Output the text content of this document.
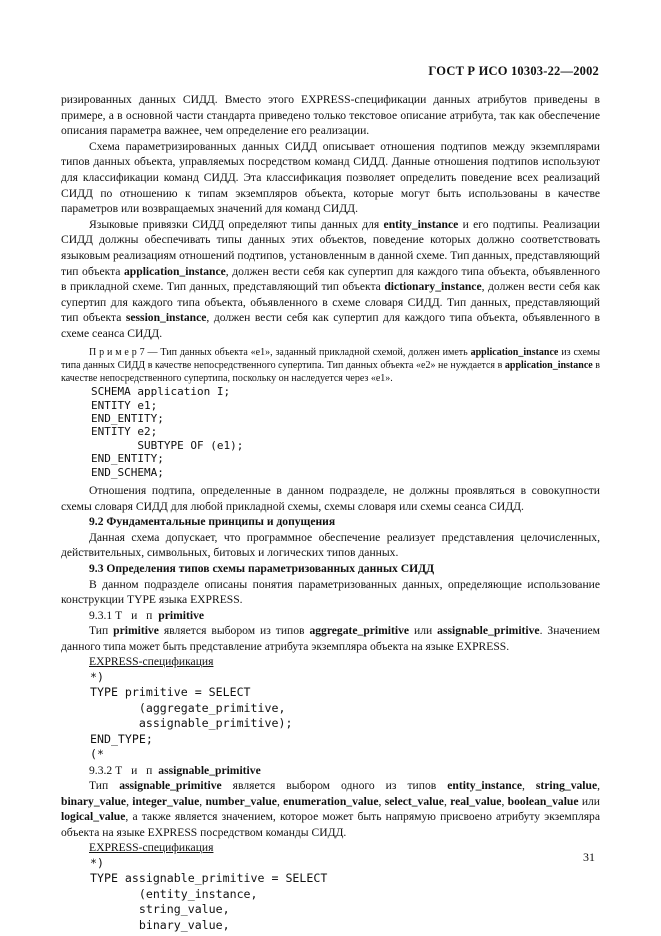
ГОСТ Р ИСО 10303-22—2002

ризированных данных СИДД. Вместо этого EXPRESS-спецификации данных атрибутов приведены в примере, а в основной части стандарта приведено только текстовое описание атрибута, так как обеспечение описания параметра важнее, чем определение его реализации.

Схема параметризированных данных СИДД описывает отношения подтипов между экземплярами типов данных объекта, управляемых посредством команд СИДД. Данные отношения подтипов используют для классификации команд СИДД. Эта классификация позволяет определить поведение всех реализаций СИДД по отношению к типам экземпляров объекта, которые могут быть использованы в качестве параметров или возвращаемых значений для команд СИДД.

Языковые привязки СИДД определяют типы данных для entity_instance и его подтипы. Реализации СИДД должны обеспечивать типы данных этих объектов, поведение которых должно соответствовать языковым реализациям отношений подтипов, установленным в данной схеме. Тип данных, представляющий тип объекта application_instance, должен вести себя как супертип для каждого типа объекта, объявленного в прикладной схеме. Тип данных, представляющий тип объекта dictionary_instance, должен вести себя как супертип для каждого типа объекта, объявленного в схеме словаря СИДД. Тип данных, представляющий тип объекта session_instance, должен вести себя как супертип для каждого типа объекта, объявленного в схеме сеанса СИДД.

П р и м е р 7 — Тип данных объекта «e1», заданный прикладной схемой, должен иметь application_instance из схемы типа данных СИДД в качестве непосредственного супертипа. Тип данных объекта «e2» не нуждается в application_instance в качестве непосредственного супертипа, поскольку он наследуется через «e1».

SCHEMA application I;
ENTITY e1;
END_ENTITY;
ENTITY e2;
SUBTYPE OF (e1);
END_ENTITY;
END_SCHEMA;

Отношения подтипа, определенные в данном подразделе, не должны проявляться в совокупности схемы словаря СИДД для любой прикладной схемы, схемы словаря или схемы сеанса СИДД.

9.2 Фундаментальные принципы и допущения

Данная схема допускает, что программное обеспечение реализует представления целочисленных, действительных, символьных, битовых и логических типов данных.

9.3 Определения типов схемы параметризованных данных СИДД

В данном подразделе описаны понятия параметризованных данных, определяющие использование конструкции TYPE языка EXPRESS.

9.3.1 Т и п primitive

Тип primitive является выбором из типов aggregate_primitive или assignable_primitive. Значением данного типа может быть представление атрибута экземпляра объекта на языке EXPRESS.

EXPRESS-спецификация

*)
TYPE primitive = SELECT
(aggregate_primitive,
assignable_primitive);
END_TYPE;
(*

9.3.2 Т и п assignable_primitive

Тип assignable_primitive является выбором одного из типов entity_instance, string_value, binary_value, integer_value, number_value, enumeration_value, select_value, real_value, boolean_value или logical_value, а также является значением, которое может быть напрямую присвоено атрибуту экземпляра объекта на языке EXPRESS посредством команды СИДД.

EXPRESS-спецификация

*)
TYPE assignable_primitive = SELECT
(entity_instance,
string_value,
binary_value,
31
